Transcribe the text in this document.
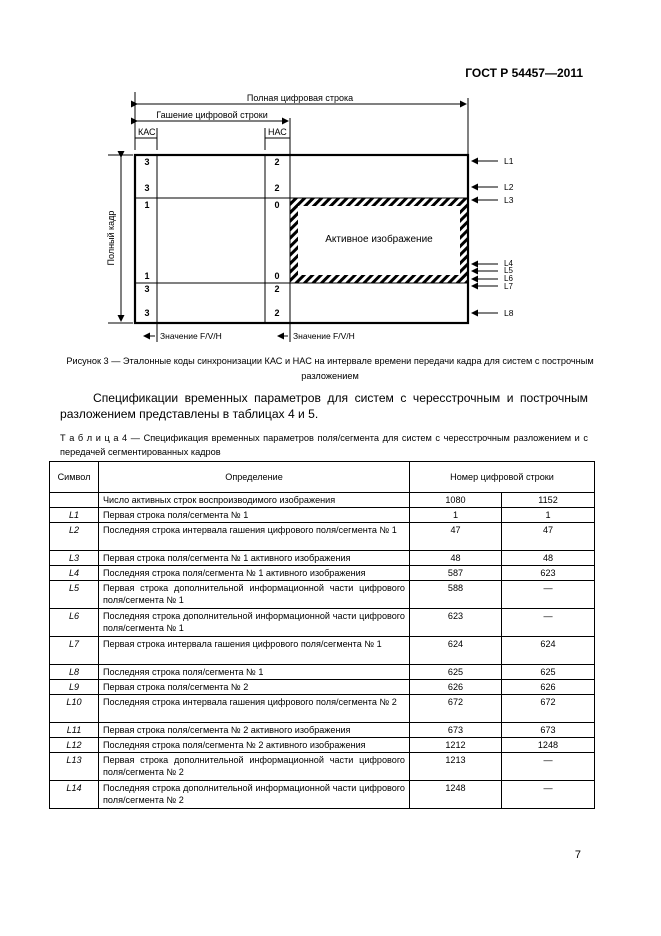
ГОСТ Р 54457—2011
Полная цифровая строка
Гашение цифровой строки
КАС	НАС
Полный кадр	Активное изображение
3
3
1
1
3
3
2
2
0
0
2
2
L1
L2
L3
L4
L5
L6
L7
L8
Значение F/V/H	Значение F/V/H
Рисунок 3 — Эталонные коды синхронизации КАС и НАС на интервале времени передачи кадра для систем с построчным разложением
Спецификации временных параметров для систем с чересстрочным и построчным разложением представлены в таблицах 4 и 5.
Т а б л и ц а 4 — Спецификация временных параметров поля/сегмента для систем с чересстрочным разложением и с передачей сегментированных кадров
Символ	Определение	Номер цифровой строки	
	Число активных строк воспроизводимого изображения	1080	1152
L1	Первая строка поля/сегмента № 1	1	1
L2	Последняя строка интервала гашения цифрового поля/сегмента № 1	47	47
L3	Первая строка поля/сегмента № 1 активного изображения	48	48
L4	Последняя строка поля/сегмента № 1 активного изображения	587	623
L5	Первая строка дополнительной информационной части цифрового поля/сегмента № 1	588	—
L6	Последняя строка дополнительной информационной части цифрового поля/сегмента № 1	623	—
L7	Первая строка интервала гашения цифрового поля/сегмента № 1	624	624
L8	Последняя строка поля/сегмента № 1	625	625
L9	Первая строка поля/сегмента № 2	626	626
L10	Последняя строка интервала гашения цифрового поля/сегмента № 2	672	672
L11	Первая строка поля/сегмента № 2 активного изображения	673	673
L12	Последняя строка поля/сегмента № 2 активного изображения	1212	1248
L13	Первая строка дополнительной информационной части цифрового поля/сегмента № 2	1213	—
L14	Последняя строка дополнительной информационной части цифрового поля/сегмента № 2	1248	—
7
